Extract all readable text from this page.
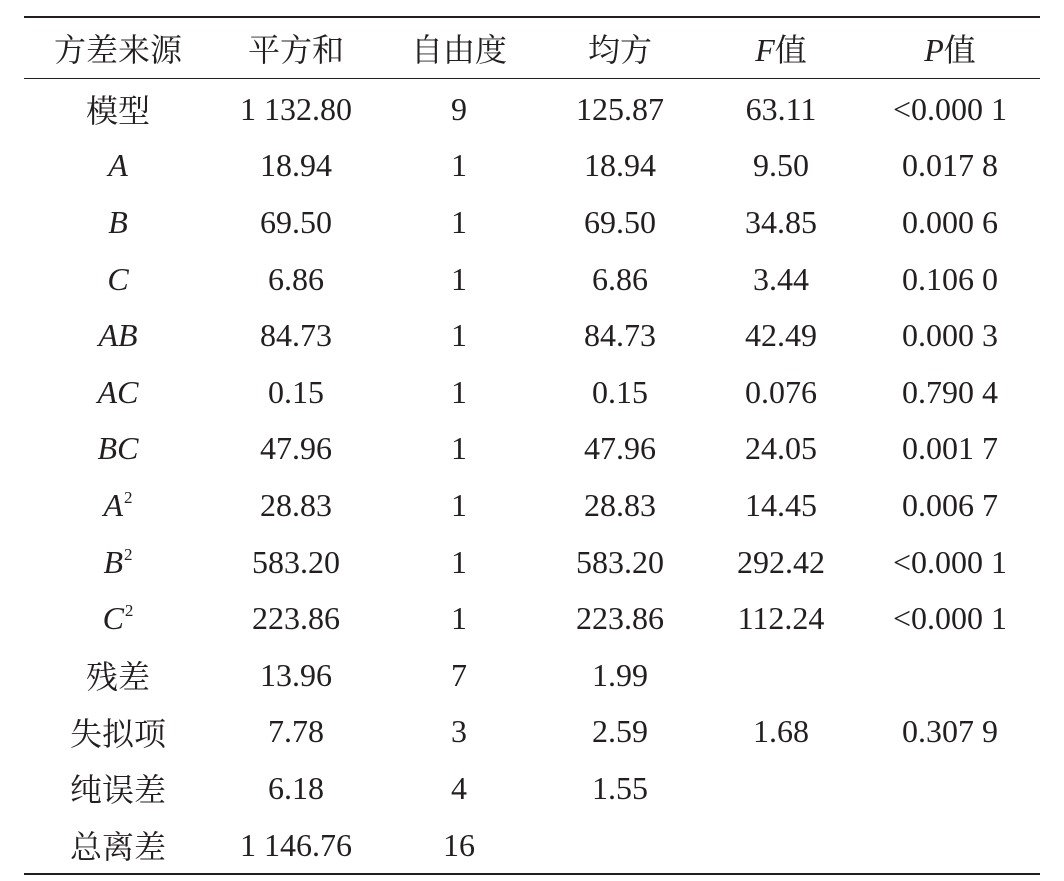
方差来源	平方和	自由度	均方	F值	P值
模型	1 132.80	9	125.87	63.11	<0.000 1
A	18.94	1	18.94	9.50	0.017 8
B	69.50	1	69.50	34.85	0.000 6
C	6.86	1	6.86	3.44	0.106 0
AB	84.73	1	84.73	42.49	0.000 3
AC	0.15	1	0.15	0.076	0.790 4
BC	47.96	1	47.96	24.05	0.001 7
$A^2$	28.83	1	28.83	14.45	0.006 7
$B^2$	583.20	1	583.20	292.42	<0.000 1
$C^2$	223.86	1	223.86	112.24	<0.000 1
残差	13.96	7	1.99		
失拟项	7.78	3	2.59	1.68	0.307 9
纯误差	6.18	4	1.55		
总离差	1 146.76	16			
